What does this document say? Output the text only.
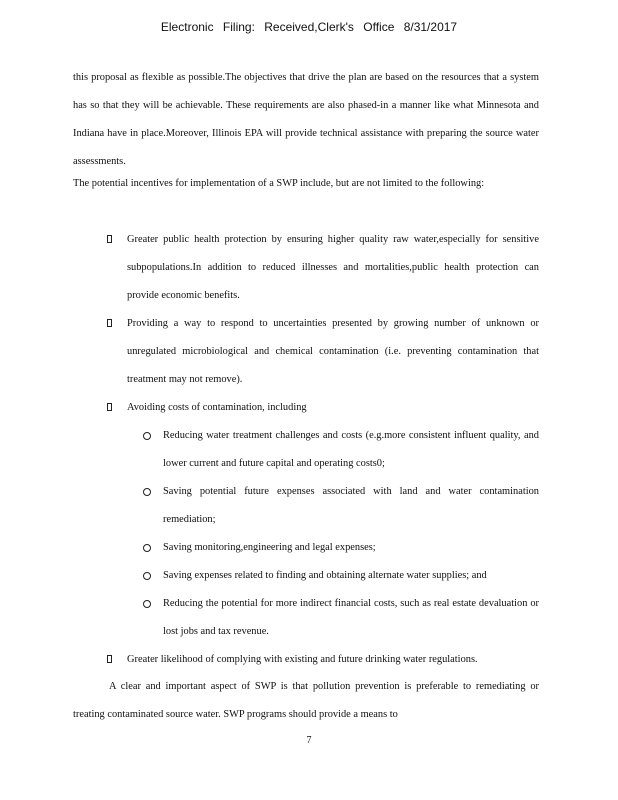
Electronic Filing: Received,Clerk's Office 8/31/2017
this proposal as flexible as possible.The objectives that drive the plan are based on the resources that a system has so that they will be achievable. These requirements are also phased-in a manner like what Minnesota and Indiana have in place.Moreover, Illinois EPA will provide technical assistance with preparing the source water assessments.
The potential incentives for implementation of a SWP include, but are not limited to the following:
Greater public health protection by ensuring higher quality raw water,especially for sensitive subpopulations.In addition to reduced illnesses and mortalities,public health protection can provide economic benefits.
Providing a way to respond to uncertainties presented by growing number of unknown or unregulated microbiological and chemical contamination (i.e. preventing contamination that treatment may not remove).
Avoiding costs of contamination, including
Reducing water treatment challenges and costs (e.g.more consistent influent quality, and lower current and future capital and operating costs0;
Saving potential future expenses associated with land and water contamination remediation;
Saving monitoring,engineering and legal expenses;
Saving expenses related to finding and obtaining alternate water supplies; and
Reducing the potential for more indirect financial costs, such as real estate devaluation or lost jobs and tax revenue.
Greater likelihood of complying with existing and future drinking water regulations.
A clear and important aspect of SWP is that pollution prevention is preferable to remediating or treating contaminated source water. SWP programs should provide a means to
7
